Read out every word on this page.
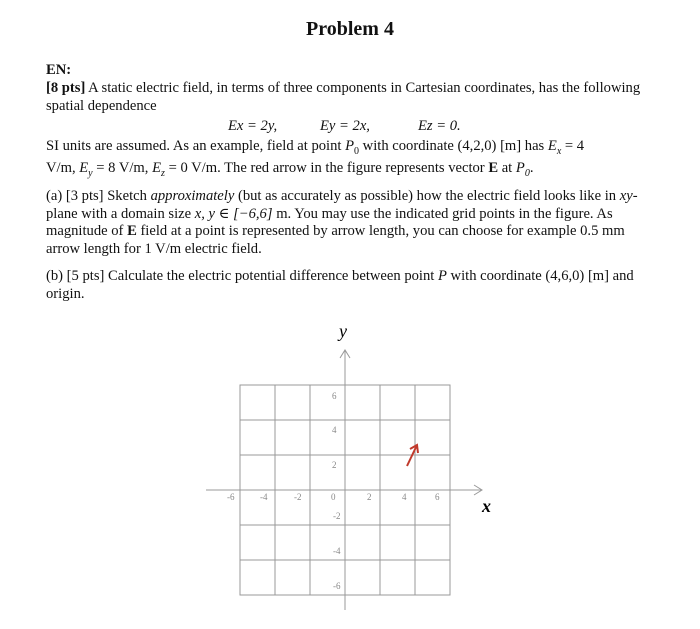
Problem 4
EN:
[8 pts] A static electric field, in terms of three components in Cartesian coordinates, has the following spatial dependence
Ex = 2y,	Ey = 2x,	Ez = 0.
SI units are assumed. As an example, field at point $P_0$ with coordinate (4,2,0) [m] has $E_x = 4$
V/m, $E_y = 8$ V/m, $E_z = 0$ V/m. The red arrow in the figure represents vector E at $P_0$.
(a) [3 pts] Sketch approximately (but as accurately as possible) how the electric field looks like in xy-plane with a domain size x, y ∈ [−6,6] m. You may use the indicated grid points in the figure. As magnitude of E field at a point is represented by arrow length, you can choose for example 0.5 mm arrow length for 1 V/m electric field.
(b) [5 pts] Calculate the electric potential difference between point P with coordinate (4,6,0) [m] and origin.
y
x
-6	-4	-2	0	2	4	6
6
4
2
-2
-4
-6
